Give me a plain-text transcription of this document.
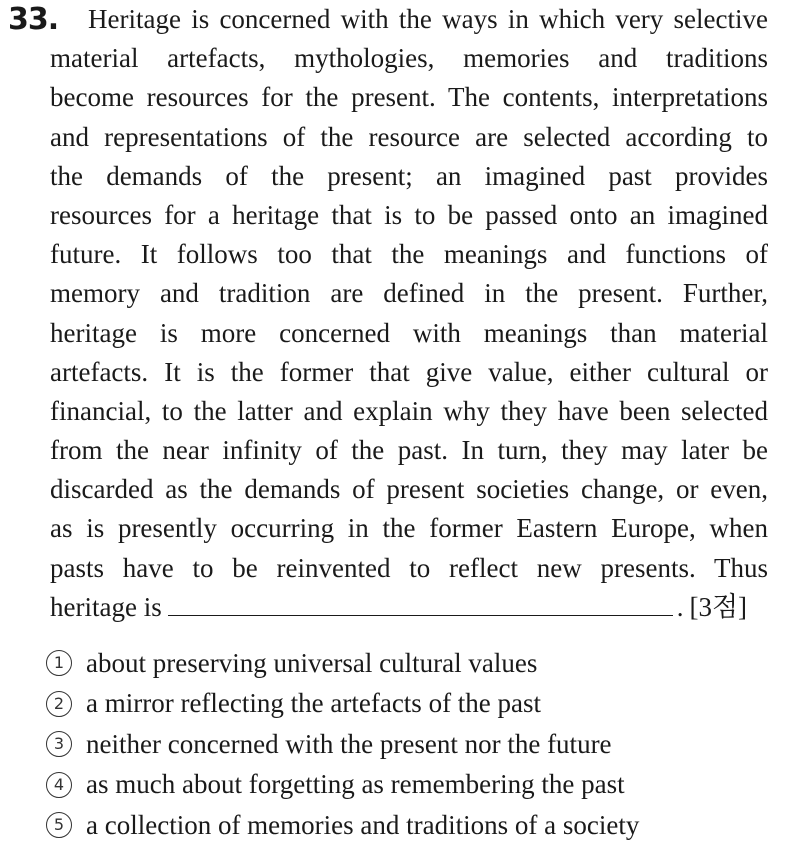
33.	Heritage is concerned with the ways in which very selective
material artefacts, mythologies, memories and traditions
become resources for the present. The contents, interpretations
and representations of the resource are selected according to
the demands of the present; an imagined past provides
resources for a heritage that is to be passed onto an imagined
future. It follows too that the meanings and functions of
memory and tradition are defined in the present. Further,
heritage is more concerned with meanings than material
artefacts. It is the former that give value, either cultural or
financial, to the latter and explain why they have been selected
from the near infinity of the past. In turn, they may later be
discarded as the demands of present societies change, or even,
as is presently occurring in the former Eastern Europe, when
pasts have to be reinvented to reflect new presents. Thus
heritage is	. [3점]
1 about preserving universal cultural values
2 a mirror reflecting the artefacts of the past
3 neither concerned with the present nor the future
4 as much about forgetting as remembering the past
5 a collection of memories and traditions of a society
